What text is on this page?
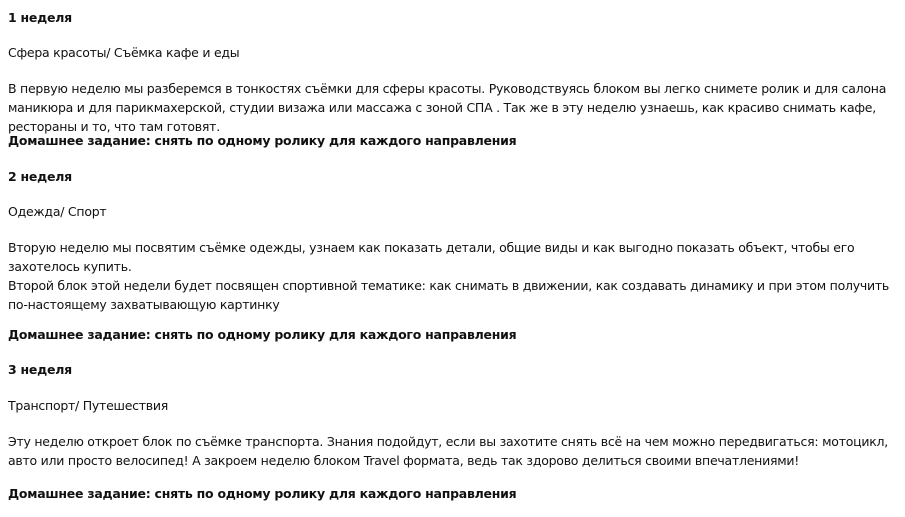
1 неделя
Сфера красоты/ Съёмка кафе и еды
В первую неделю мы разберемся в тонкостях съёмки для сферы красоты. Руководствуясь блоком вы легко снимете ролик и для салона маникюра и для парикмахерской, студии визажа или массажа с зоной СПА . Так же в эту неделю узнаешь, как красиво снимать кафе, рестораны и то, что там готовят.
Домашнее задание: снять по одному ролику для каждого направления
2 неделя
Одежда/ Спорт
Вторую неделю мы посвятим съёмке одежды, узнаем как показать детали, общие виды и как выгодно показать объект, чтобы его захотелось купить.
Второй блок этой недели будет посвящен спортивной тематике: как снимать в движении, как создавать динамику и при этом получить по-настоящему захватывающую картинку
Домашнее задание: снять по одному ролику для каждого направления
3 неделя
Транспорт/ Путешествия
Эту неделю откроет блок по съёмке транспорта. Знания подойдут, если вы захотите снять всё на чем можно передвигаться: мотоцикл, авто или просто велосипед! А закроем неделю блоком Travel формата, ведь так здорово делиться своими впечатлениями!
Домашнее задание: снять по одному ролику для каждого направления
